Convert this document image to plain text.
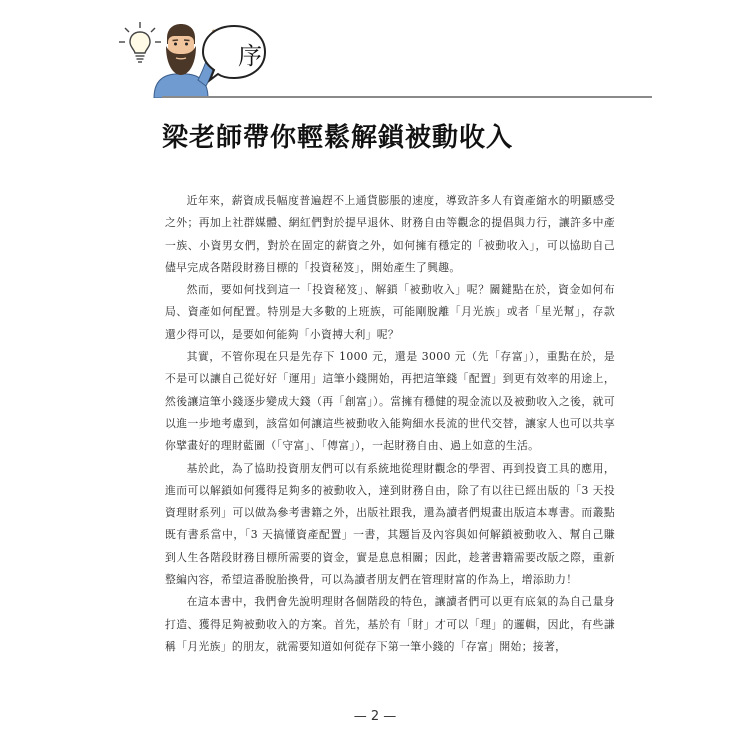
序
梁老師帶你輕鬆解鎖被動收入

近年來，薪資成長幅度普遍趕不上通貨膨脹的速度，導致許多人有資產縮水的明顯感受之外；再加上社群媒體、網紅們對於提早退休、財務自由等觀念的提倡與力行，讓許多中產一族、小資男女們，對於在固定的薪資之外，如何擁有穩定的「被動收入」，可以協助自己儘早完成各階段財務目標的「投資秘笈」，開始產生了興趣。

然而，要如何找到這一「投資秘笈」、解鎖「被動收入」呢？關鍵點在於，資金如何布局、資產如何配置。特別是大多數的上班族，可能剛脫離「月光族」或者「星光幫」，存款還少得可以，是要如何能夠「小資搏大利」呢？

其實，不管你現在只是先存下 1000 元，還是 3000 元（先「存富」），重點在於，是不是可以讓自己從好好「運用」這筆小錢開始，再把這筆錢「配置」到更有效率的用途上，然後讓這筆小錢逐步變成大錢（再「創富」）。當擁有穩健的現金流以及被動收入之後，就可以進一步地考慮到，該當如何讓這些被動收入能夠細水長流的世代交替，讓家人也可以共享你擘畫好的理財藍圖（「守富」、「傳富」），一起財務自由、過上如意的生活。

基於此，為了協助投資朋友們可以有系統地從理財觀念的學習、再到投資工具的應用，進而可以解鎖如何獲得足夠多的被動收入，達到財務自由，除了有以往已經出版的「3 天投資理財系列」可以做為參考書籍之外，出版社跟我，還為讀者們規畫出版這本專書。而叢點既有書系當中，「3 天搞懂資產配置」一書，其題旨及內容與如何解鎖被動收入、幫自己賺到人生各階段財務目標所需要的資金，實是息息相關；因此，趁著書籍需要改版之際，重新整編內容，希望這番脫胎換骨，可以為讀者朋友們在管理財富的作為上，增添助力！

在這本書中，我們會先說明理財各個階段的特色，讓讀者們可以更有底氣的為自己量身打造、獲得足夠被動收入的方案。首先，基於有「財」才可以「理」的邏輯，因此，有些謙稱「月光族」的朋友，就需要知道如何從存下第一筆小錢的「存富」開始；接著，

— 2 —
